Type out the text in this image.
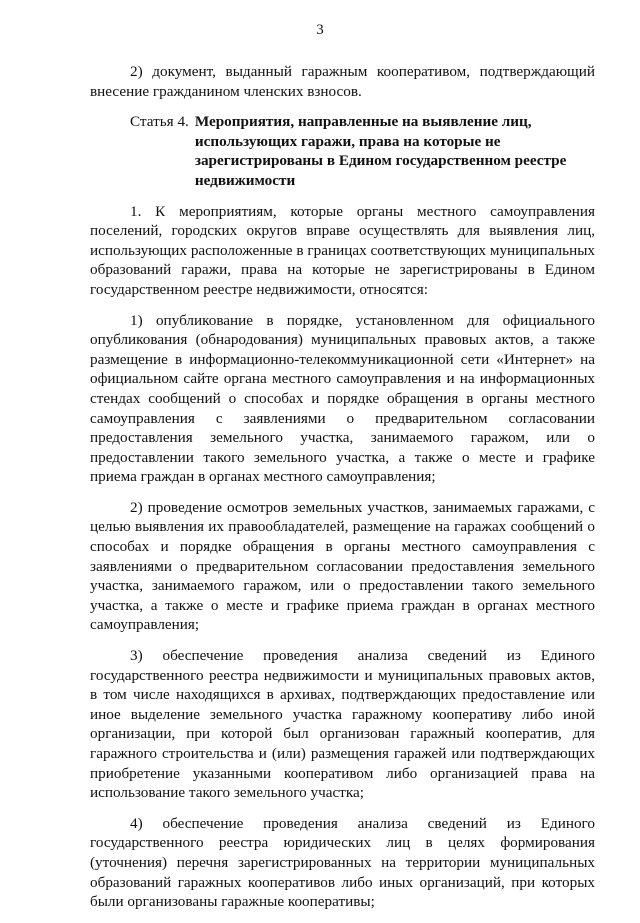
3

2) документ, выданный гаражным кооперативом, подтверждающий внесение гражданином членских взносов.

Статья 4. Мероприятия, направленные на выявление лиц, использующих гаражи, права на которые не зарегистрированы в Едином государственном реестре недвижимости

1. К мероприятиям, которые органы местного самоуправления поселений, городских округов вправе осуществлять для выявления лиц, использующих расположенные в границах соответствующих муниципальных образований гаражи, права на которые не зарегистрированы в Едином государственном реестре недвижимости, относятся:

1) опубликование в порядке, установленном для официального опубликования (обнародования) муниципальных правовых актов, а также размещение в информационно-телекоммуникационной сети «Интернет» на официальном сайте органа местного самоуправления и на информационных стендах сообщений о способах и порядке обращения в органы местного самоуправления с заявлениями о предварительном согласовании предоставления земельного участка, занимаемого гаражом, или о предоставлении такого земельного участка, а также о месте и графике приема граждан в органах местного самоуправления;

2) проведение осмотров земельных участков, занимаемых гаражами, с целью выявления их правообладателей, размещение на гаражах сообщений о способах и порядке обращения в органы местного самоуправления с заявлениями о предварительном согласовании предоставления земельного участка, занимаемого гаражом, или о предоставлении такого земельного участка, а также о месте и графике приема граждан в органах местного самоуправления;

3) обеспечение проведения анализа сведений из Единого государственного реестра недвижимости и муниципальных правовых актов, в том числе находящихся в архивах, подтверждающих предоставление или иное выделение земельного участка гаражному кооперативу либо иной организации, при которой был организован гаражный кооператив, для гаражного строительства и (или) размещения гаражей или подтверждающих приобретение указанными кооперативом либо организацией права на использование такого земельного участка;

4) обеспечение проведения анализа сведений из Единого государственного реестра юридических лиц в целях формирования (уточнения) перечня зарегистрированных на территории муниципальных образований гаражных кооперативов либо иных организаций, при которых были организованы гаражные кооперативы;
